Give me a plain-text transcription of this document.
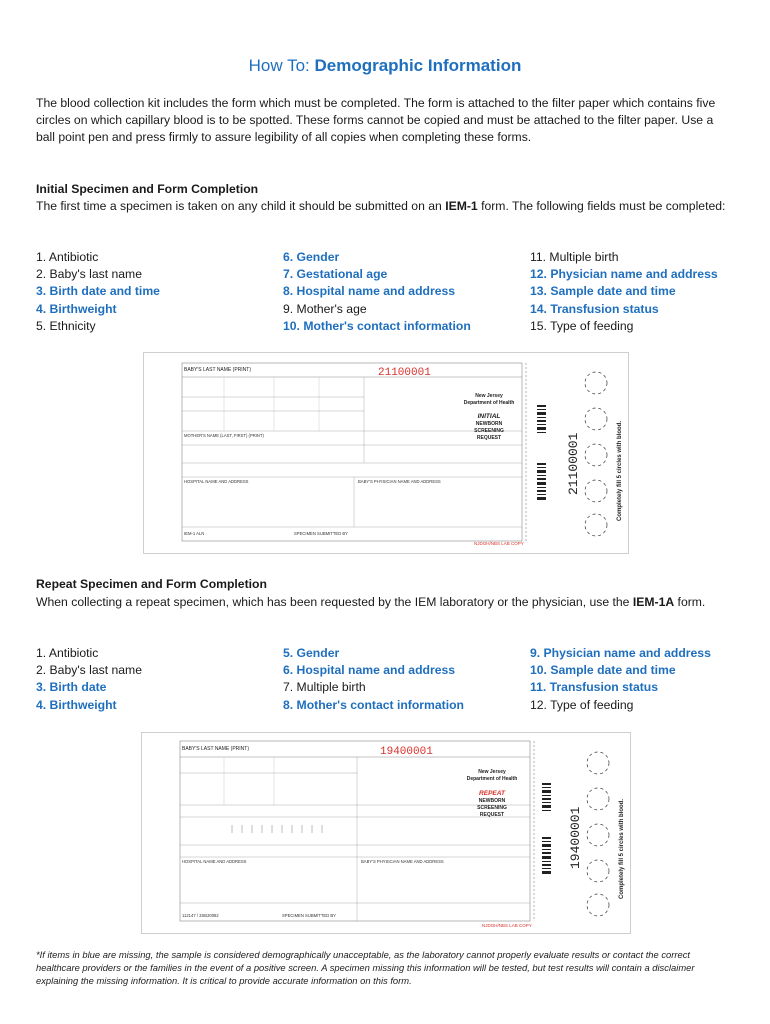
How To: Demographic Information
The blood collection kit includes the form which must be completed. The form is attached to the filter paper which contains five circles on which capillary blood is to be spotted. These forms cannot be copied and must be attached to the filter paper. Use a ball point pen and press firmly to assure legibility of all copies when completing these forms.
Initial Specimen and Form Completion
The first time a specimen is taken on any child it should be submitted on an IEM-1 form. The following fields must be completed:
1. Antibiotic
2. Baby's last name
3. Birth date and time
4. Birthweight
5. Ethnicity
6. Gender
7. Gestational age
8. Hospital name and address
9. Mother's age
10. Mother's contact information
11. Multiple birth
12. Physician name and address
13. Sample date and time
14. Transfusion status
15. Type of feeding
BABY'S LAST NAME (PRINT)
MOTHER'S NAME (LAST, FIRST) (PRINT)
HOSPITAL NAME AND ADDRESS	BABY'S PHYSICIAN NAME AND ADDRESS
IEM-1 ALN	SPECIMEN SUBMITTED BY
21100001
New Jersey
Department of Health
INITIAL
NEWBORN
SCREENING
REQUEST
NJDOH/NBS LAB COPY
21100001	Completely fill 5 circles with blood.
Repeat Specimen and Form Completion
When collecting a repeat specimen, which has been requested by the IEM laboratory or the physician, use the IEM-1A form.
1. Antibiotic
2. Baby's last name
3. Birth date
4. Birthweight
5. Gender
6. Hospital name and address
7. Multiple birth
8. Mother's contact information
9. Physician name and address
10. Sample date and time
11. Transfusion status
12. Type of feeding
BABY'S LAST NAME (PRINT)
HOSPITAL NAME AND ADDRESS	BABY'S PHYSICIAN NAME AND ADDRESS
112147 / 3SB20082	SPECIMEN SUBMITTED BY
19400001
New Jersey
Department of Health
REPEAT
NEWBORN
SCREENING
REQUEST
NJDOH/NBS LAB COPY
19400001	Completely fill 5 circles with blood.
*If items in blue are missing, the sample is considered demographically unacceptable, as the laboratory cannot properly evaluate results or contact the correct healthcare providers or the families in the event of a positive screen. A specimen missing this information will be tested, but test results will contain a disclaimer explaining the missing information. It is critical to provide accurate information on this form.
